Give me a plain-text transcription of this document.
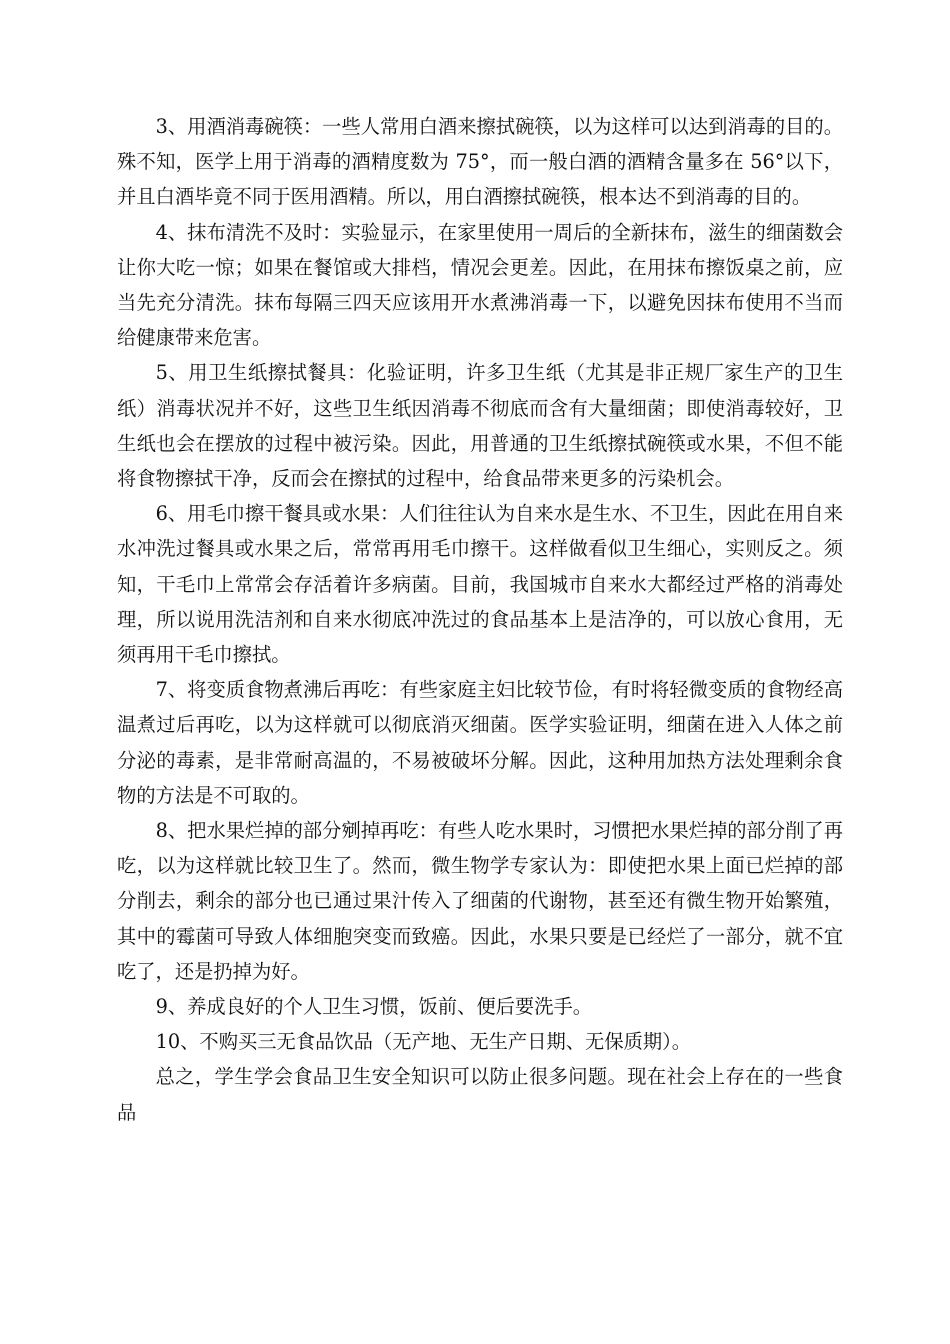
3、用酒消毒碗筷：一些人常用白酒来擦拭碗筷，以为这样可以达到消毒的目的。殊不知，医学上用于消毒的酒精度数为 75°，而一般白酒的酒精含量多在 56°以下，并且白酒毕竟不同于医用酒精。所以，用白酒擦拭碗筷，根本达不到消毒的目的。

4、抹布清洗不及时：实验显示，在家里使用一周后的全新抹布，滋生的细菌数会让你大吃一惊；如果在餐馆或大排档，情况会更差。因此，在用抹布擦饭桌之前，应当先充分清洗。抹布每隔三四天应该用开水煮沸消毒一下，以避免因抹布使用不当而给健康带来危害。

5、用卫生纸擦拭餐具：化验证明，许多卫生纸（尤其是非正规厂家生产的卫生纸）消毒状况并不好，这些卫生纸因消毒不彻底而含有大量细菌；即使消毒较好，卫生纸也会在摆放的过程中被污染。因此，用普通的卫生纸擦拭碗筷或水果，不但不能将食物擦拭干净，反而会在擦拭的过程中，给食品带来更多的污染机会。

6、用毛巾擦干餐具或水果：人们往往认为自来水是生水、不卫生，因此在用自来水冲洗过餐具或水果之后，常常再用毛巾擦干。这样做看似卫生细心，实则反之。须知，干毛巾上常常会存活着许多病菌。目前，我国城市自来水大都经过严格的消毒处理，所以说用洗洁剂和自来水彻底冲洗过的食品基本上是洁净的，可以放心食用，无须再用干毛巾擦拭。

7、将变质食物煮沸后再吃：有些家庭主妇比较节俭，有时将轻微变质的食物经高温煮过后再吃，以为这样就可以彻底消灭细菌。医学实验证明，细菌在进入人体之前分泌的毒素，是非常耐高温的，不易被破坏分解。因此，这种用加热方法处理剩余食物的方法是不可取的。

8、把水果烂掉的部分剜掉再吃：有些人吃水果时，习惯把水果烂掉的部分削了再吃，以为这样就比较卫生了。然而，微生物学专家认为：即使把水果上面已烂掉的部分削去，剩余的部分也已通过果汁传入了细菌的代谢物，甚至还有微生物开始繁殖，其中的霉菌可导致人体细胞突变而致癌。因此，水果只要是已经烂了一部分，就不宜吃了，还是扔掉为好。

9、养成良好的个人卫生习惯，饭前、便后要洗手。

10、不购买三无食品饮品（无产地、无生产日期、无保质期）。

总之，学生学会食品卫生安全知识可以防止很多问题。现在社会上存在的一些食品
